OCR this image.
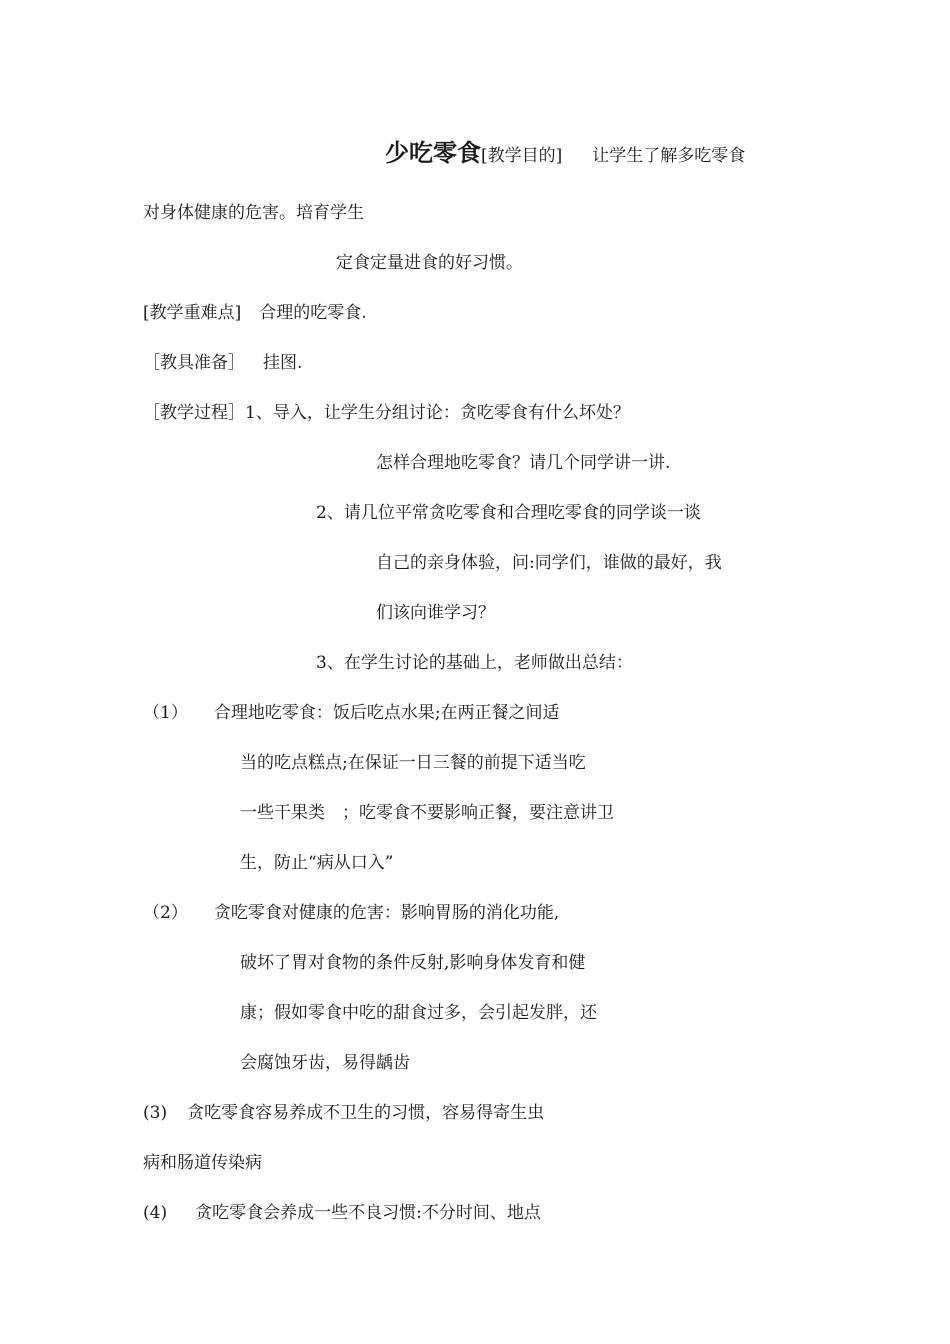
少吃零食[教学目的] 让学生了解多吃零食
对身体健康的危害。培育学生
定食定量进食的好习惯。
[教学重难点] 合理的吃零食.
［教具准备］ 挂图.
［教学过程］1、导入，让学生分组讨论：贪吃零食有什么坏处？
怎样合理地吃零食？请几个同学讲一讲.
2、请几位平常贪吃零食和合理吃零食的同学谈一谈
自己的亲身体验，问:同学们，谁做的最好，我
们该向谁学习？
3、在学生讨论的基础上，老师做出总结：
（1） 合理地吃零食：饭后吃点水果;在两正餐之间适
当的吃点糕点;在保证一日三餐的前提下适当吃
一些干果类　；吃零食不要影响正餐，要注意讲卫
生，防止“病从口入”
（2） 贪吃零食对健康的危害：影响胃肠的消化功能,
破坏了胃对食物的条件反射,影响身体发育和健
康；假如零食中吃的甜食过多，会引起发胖，还
会腐蚀牙齿，易得龋齿
(3) 贪吃零食容易养成不卫生的习惯，容易得寄生虫
病和肠道传染病
(4) 贪吃零食会养成一些不良习惯:不分时间、地点
